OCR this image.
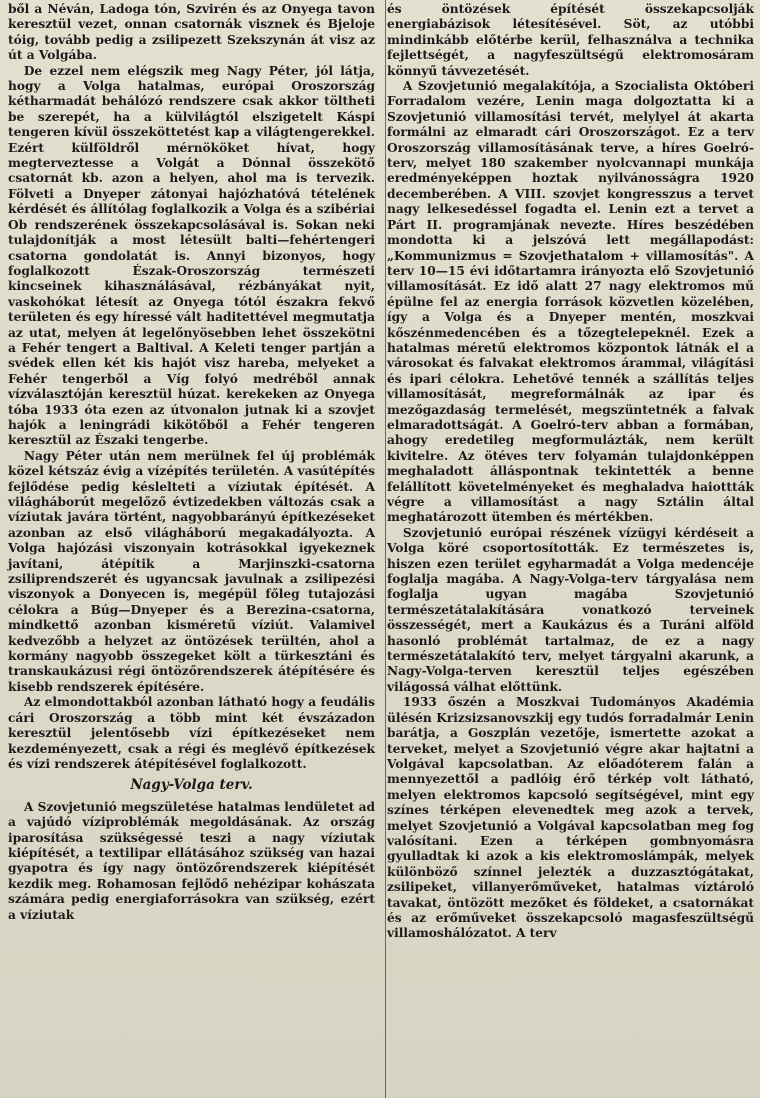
ből a Néván, Ladoga tón, Szvirén és az Onyega tavon keresztül vezet, onnan csatornák visznek és Bjeloje tóig, tovább pedig a zsilipezett Szekszynán át visz az út a Volgába.

De ezzel nem elégszik meg Nagy Péter, jól látja, hogy a Volga hatalmas, európai Oroszország kétharmadát behálózó rendszere csak akkor töltheti be szerepét, ha a külvilágtól elszigetelt Káspi tengeren kívül összeköttetést kap a világtengerekkel. Ezért külföldről mérnököket hívat, hogy megterveztesse a Volgát a Dónnal összekötő csatornát kb. azon a helyen, ahol ma is tervezik. Fölveti a Dnyeper zátonyai hajózhatóvá tételének kérdését és állítólag foglalkozik a Volga és a szibériai Ob rendszerének összekapcsolásával is. Sokan neki tulajdonítják a most létesült balti—fehértengeri csatorna gondolatát is. Annyi bizonyos, hogy foglalkozott Észak-Oroszország természeti kincseinek kihasználásával, rézbányákat nyit, vaskohókat létesít az Onyega tótól északra fekvő területen és egy híressé vált haditettével megmutatja az utat, melyen át legelőnyösebben lehet összekötni a Fehér tengert a Baltival. A Keleti tenger partján a svédek ellen két kis hajót visz hareba, melyeket a Fehér tengerből a Víg folyó medréből annak vízválasztóján keresztül húzat. kerekeken az Onyega tóba 1933 óta ezen az útvonalon jutnak ki a szovjet hajók a leningrádi kikötőből a Fehér tengeren keresztül az Északi tengerbe.

Nagy Péter után nem merülnek fel új problémák közel kétszáz évig a vízépítés területén. A vasútépítés fejlődése pedig késlelteti a víziutak építését. A világháborút megelőző évtizedekben változás csak a víziutak javára történt, nagyobbarányú építkezéseket azonban az első világháború megakadályozta. A Volga hajózási viszonyain kotrásokkal igyekeznek javítani, átépítik a Marjinszki-csatorna zsiliprendszerét és ugyancsak javulnak a zsilipezési viszonyok a Donyecen is, megépül főleg tutajozási célokra a Búg—Dnyeper és a Berezina-csatorna, mindkettő azonban kisméretű víziút. Valamivel kedvezőbb a helyzet az öntözések terültén, ahol a kormány nagyobb összegeket költ a türkesztáni és transkaukázusi régi öntözőrendszerek átépítésére és kisebb rendszerek építésére.

Az elmondottakból azonban látható hogy a feudális cári Oroszország a több mint két évszázadon keresztül jelentősebb vízi építkezéseket nem kezdeményezett, csak a régi és meglévő építkezések és vízi rendszerek átépítésével foglalkozott.

Nagy-Volga terv.

A Szovjetunió megszületése hatalmas lendületet ad a vajúdó víziproblémák megoldásának. Az ország iparosítása szükségessé teszi a nagy víziutak kiépítését, a textilipar ellátásához szükség van hazai gyapotra és így nagy öntözőrendszerek kiépítését kezdik meg. Rohamosan fejlődő nehézipar kohászata számára pedig energiaforrásokra van szükség, ezért a víziutak

és öntözések építését összekapcsolják energiabázisok létesítésével. Söt, az utóbbi mindinkább előtérbe kerül, felhasználva a technika fejlettségét, a nagyfeszültségű elektromosáram könnyű távvezetését.

A Szovjetunió megalakítója, a Szocialista Októberi Forradalom vezére, Lenin maga dolgoztatta ki a Szovjetunió villamosítási tervét, melylyel át akarta formálni az elmaradt cári Oroszországot. Ez a terv Oroszország villamosításának terve, a híres Goelró-terv, melyet 180 szakember nyolcvannapi munkája eredményeképpen hoztak nyilvánosságra 1920 decemberében. A VIII. szovjet kongresszus a tervet nagy lelkesedéssel fogadta el. Lenin ezt a tervet a Párt II. programjának nevezte. Híres beszédében mondotta ki a jelszóvá lett megállapodást: „Kommunizmus = Szovjethatalom + villamosítás". A terv 10—15 évi időtartamra irányozta elő Szovjetunió villamosítását. Ez idő alatt 27 nagy elektromos mű épülne fel az energia források közvetlen közelében, így a Volga és a Dnyeper mentén, moszkvai kőszénmedencében és a tőzegtelepeknél. Ezek a hatalmas méretű elektromos központok látnák el a városokat és falvakat elektromos árammal, világítási és ipari célokra. Lehetővé tennék a szállítás teljes villamosítását, megreformálnák az ipar és mezőgazdaság termelését, megszüntetnék a falvak elmaradottságát. A Goelró-terv abban a formában, ahogy eredetileg megformulázták, nem került kivitelre. Az ötéves terv folyamán tulajdonképpen meghaladott álláspontnak tekintették a benne felállított követelményeket és meghaladva haiottták végre a villamosítást a nagy Sztálin által meghatározott ütemben és mértékben.

Szovjetunió európai részének vízügyi kérdéseit a Volga köré csoportosították. Ez természetes is, hiszen ezen terület egyharmadát a Volga medencéje foglalja magába. A Nagy-Volga-terv tárgyalása nem foglalja ugyan magába Szovjetunió természetátalakítására vonatkozó terveinek összességét, mert a Kaukázus és a Turáni alföld hasonló problémát tartalmaz, de ez a nagy természetátalakító terv, melyet tárgyalni akarunk, a Nagy-Volga-terven keresztül teljes egészében világossá válhat előttünk.

1933 őszén a Moszkvai Tudományos Akadémia ülésén Krizsizsanovszkij egy tudós forradalmár Lenin barátja, a Goszplán vezetője, ismertette azokat a terveket, melyet a Szovjetunió végre akar hajtatni a Volgával kapcsolatban. Az előadóterem falán a mennyezettől a padlóig érő térkép volt látható, melyen elektromos kapcsoló segítségével, mint egy színes térképen elevenedtek meg azok a tervek, melyet Szovjetunió a Volgával kapcsolatban meg fog valósítani. Ezen a térképen gombnyomásra gyulladtak ki azok a kis elektromoslámpák, melyek különböző színnel jelezték a duzzasztógátakat, zsilipeket, villanyerőműveket, hatalmas víztároló tavakat, öntözött mezőket és földeket, a csatornákat és az erőműveket összekapcsoló magasfeszültségű villamoshálózatot. A terv
